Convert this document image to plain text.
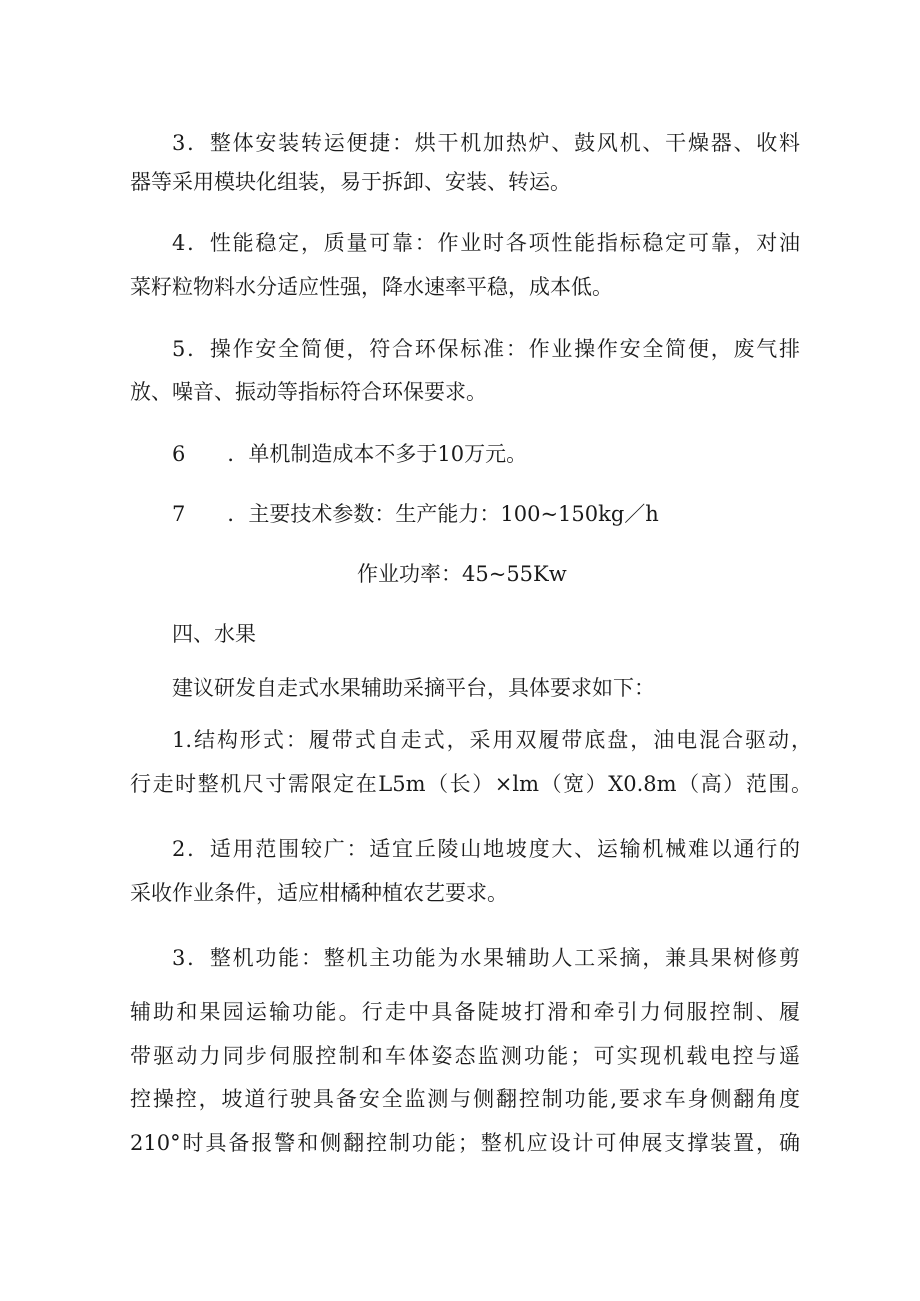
3．整体安装转运便捷：烘干机加热炉、鼓风机、干燥器、收料
器等采用模块化组装，易于拆卸、安装、转运。
4．性能稳定，质量可靠：作业时各项性能指标稳定可靠，对油
菜籽粒物料水分适应性强，降水速率平稳，成本低。
5．操作安全简便，符合环保标准：作业操作安全简便，废气排
放、噪音、振动等指标符合环保要求。
6　　．单机制造成本不多于10万元。
7　　．主要技术参数：生产能力：100~150kg／h
作业功率：45~55Kw
四、水果
建议研发自走式水果辅助采摘平台，具体要求如下：
1.结构形式：履带式自走式，采用双履带底盘，油电混合驱动，
行走时整机尺寸需限定在L5m（长）×lm（宽）X0.8m（高）范围。
2．适用范围较广：适宜丘陵山地坡度大、运输机械难以通行的
采收作业条件，适应柑橘种植农艺要求。
3．整机功能：整机主功能为水果辅助人工采摘，兼具果树修剪
辅助和果园运输功能。行走中具备陡坡打滑和牵引力伺服控制、履
带驱动力同步伺服控制和车体姿态监测功能；可实现机载电控与遥
控操控，坡道行驶具备安全监测与侧翻控制功能,要求车身侧翻角度
210°时具备报警和侧翻控制功能；整机应设计可伸展支撑装置，确
